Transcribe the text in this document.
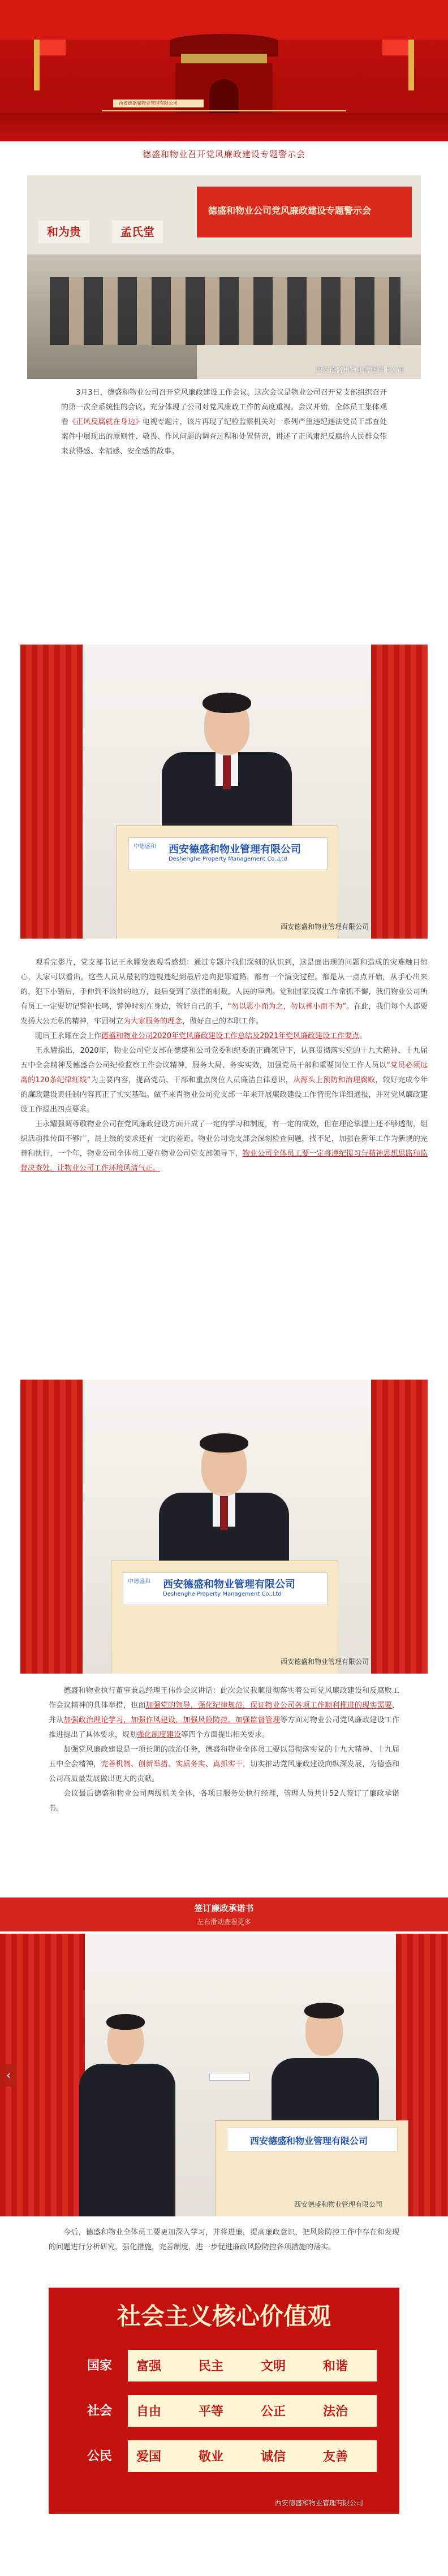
西安德盛和物业管理有限公司
德盛和物业召开党风廉政建设专题警示会
德盛和物业公司党风廉政建设专题警示会
和为贵	孟氏堂
西安德盛和物业管理有限公司
  3月3日，德盛和物业公司召开党风廉政建设工作会议。这次会议是物业公司召开党支部组织召开的第一次全系统性的会议。充分体现了公司对党风廉政工作的高度重视。会议开始，全体员工集体观看《正风反腐就在身边》电视专题片，该片再现了纪检监察机关对一系列严重违纪违法党员干部查处案件中展现出的原则性、敬畏、作风问题的调查过程和处置情况，讲述了正风肃纪反腐给人民群众带来获得感、幸福感、安全感的故事。
中德盛和 西安德盛和物业管理有限公司
Deshenghe Property Management Co.,Ltd
西安德盛和物业管理有限公司
  观看完影片，党支部书记王永耀发表观看感想：通过专题片我们深刻的认识到，这是面出现的问题和造成的灾难触目惊心，大家可以看出，这些人员从最初的违规违纪到最后走向犯罪道路，都有一个演变过程。都是从一点点开始，从手心出来的，犯下小错后，手伸到不该伸的地方，最后受到了法律的制裁，人民的审判。党和国家反腐工作常抓不懈，我们物业公司所有员工一定要切记警钟长鸣，警钟时刻在身边，管好自己的手，“勿以恶小而为之，勿以善小而不为”。在此，我们每个人都要发扬大公无私的精神，牢固树立为大家服务的理念，做好自己的本职工作。
  随后王永耀在会上作德盛和物业公司2020年党风廉政建设工作总结及2021年党风廉政建设工作要点。
  王永耀指出，2020年，物业公司党支部在德盛和公司党委和纪委的正确领导下，认真贯彻落实党的十九大精神、十九届五中全会精神及德盛合公司纪检监察工作会议精神，服务大局、务实实效，加强党员干部和重要岗位工作人员以“党员必须远离的120条纪律红线”为主要内容，提高党员、干部和重点岗位人员廉洁自律意识，从源头上预防和治理腐败，较好完成今年的廉政建设责任制内容真正了实实基础。做不来肖物业公司党支部一年来开展廉政建设工作情况作详细通报，并对党风廉政建设工作提出四点要求。
  王永耀强调尊敬物业公司在党风廉政建设方面开成了一定的学习和制度，有一定的成效，但在理论掌握上还不够透彻，组织活动推传面不够广，晨上级的要求还有一定的差距。物业公司党支部会深刻检查问题，找不足，加强在新年工作为新规的完善和执行，一个年，物业公司全体员工要在物业公司党支部领导下，物业公司全体员工要一定将遵纪惯习与精神思想思路和监督决查处，让物业公司工作环境风清气正。
中德盛和 西安德盛和物业管理有限公司
Deshenghe Property Management Co.,Ltd
西安德盛和物业管理有限公司
  德盛和物业执行董事兼总经理王伟作会议讲话：此次会议我顺贯彻落实着公司党风廉政建设和反腐败工作会议精神的具体举措，也面加强党的领导，强化纪律规范，保证物业公司各项工作顺利推进的现实需要，并从加强政治理论学习，加强作风建设，加强风险防控，加强监督管理等方面对物业公司党风廉政建设工作推进提出了具体要求，规划强化制度建设等四个方面提出相关要求。
  加强党风廉政建设是一项长期的政治任务，德盛和物业全体员工要以贯彻落实党的十九大精神、十九届五中全会精神，完善机制、创新举措、实质务实、真抓实干，切实推动党风廉政建设向纵深发展，为德盛和公司高质量发展做出更大的贡献。
  会议最后德盛和物业公司两级机关全体，各项目服务处执行经理，管理人员共计52人签订了廉政承诺书。
签订廉政承诺书
左右滑动查看更多
西安德盛和物业管理有限公司
西安德盛和物业管理有限公司
‹
  今后，德盛和物业全体员工要更加深入学习，并将进廉，提高廉政意识，把风险防控工作中存在和发现的问题进行分析研究，强化措施，完善制度，进一步促进廉政风险防控各项措施的落实。
社会主义核心价值观
国家	富强	民主	文明	和谐
社会	自由	平等	公正	法治
公民	爱国	敬业	诚信	友善
西安德盛和物业管理有限公司
